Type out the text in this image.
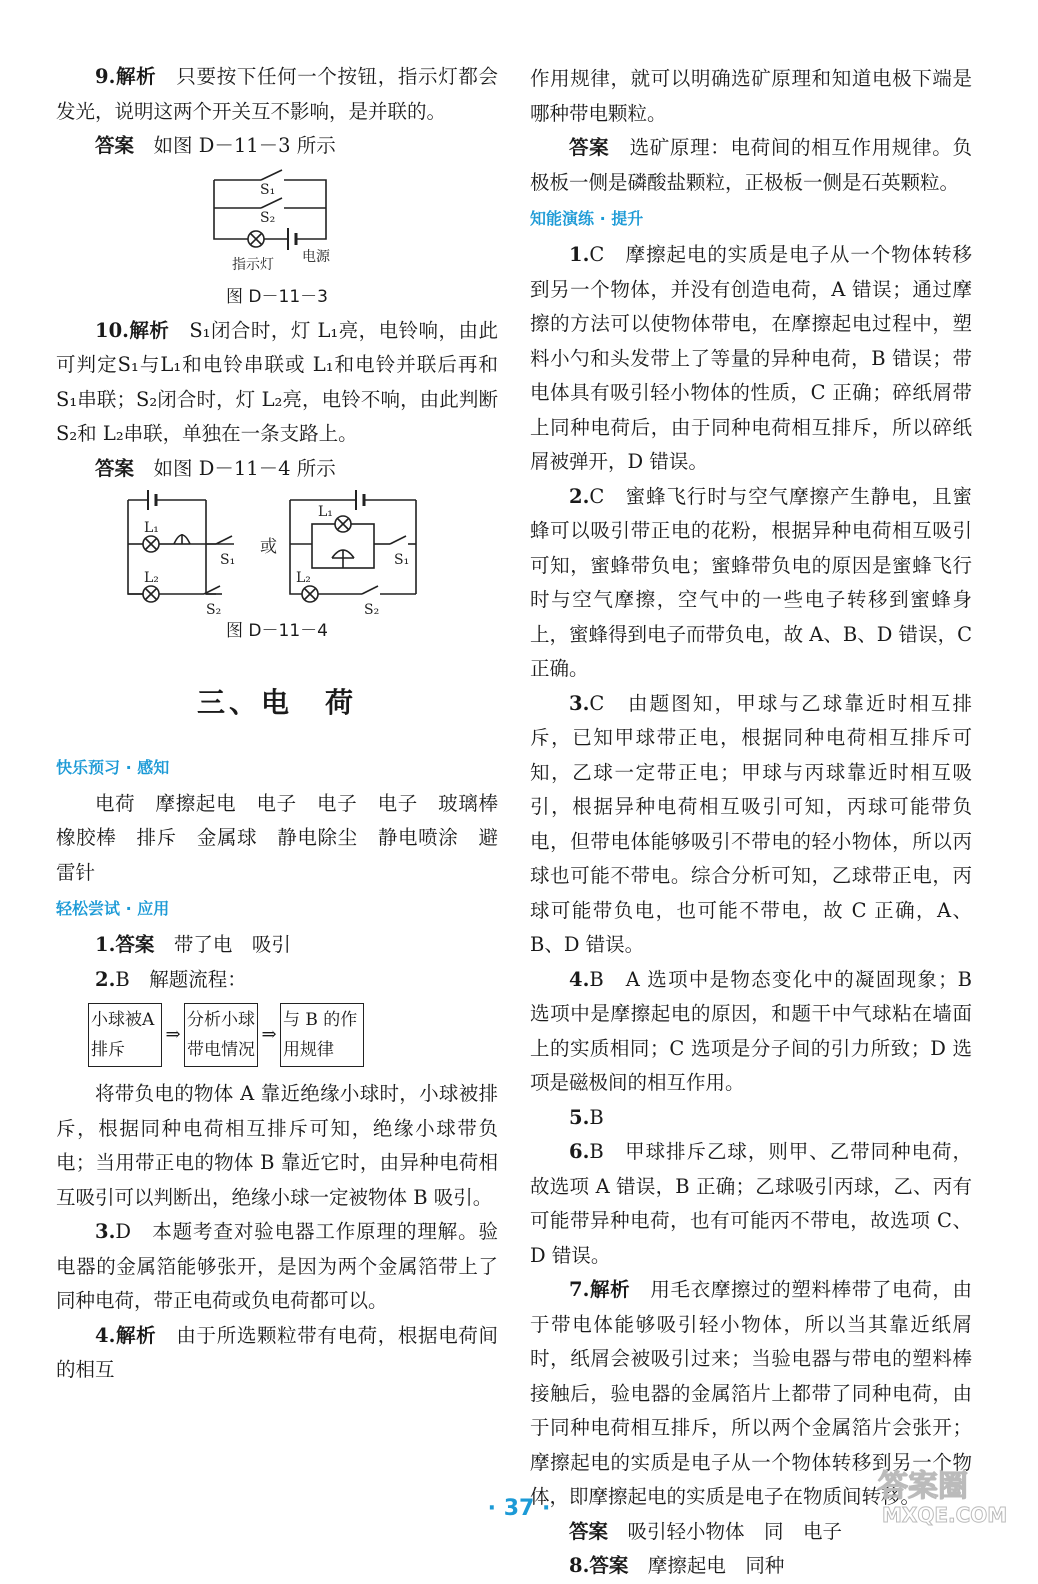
9.解析　 只要按下任何一个按钮，指示灯都会发光，说明这两个开关互不影响，是并联的。

答案　 如图 D－11－3 所示

S₁
S₂
指示灯 电源
图 D－11－3

10.解析　 S₁闭合时，灯 L₁亮，电铃响，由此可判定S₁与L₁和电铃串联或 L₁和电铃并联后再和 S₁串联；S₂闭合时，灯 L₂亮，电铃不响，由此判断 S₂和 L₂串联，单独在一条支路上。

答案　 如图 D－11－4 所示

L₁
L₂
S₁
S₂
或
L₁
L₂
S₁
S₂
图 D－11－4
三、电　荷
快乐预习 · 感知

电荷　摩擦起电　电子　电子　电子　玻璃棒　橡胶棒　排斥　金属球　静电除尘　静电喷涂　避雷针

轻松尝试 · 应用

1.答案　 带了电　吸引

2.B　解题流程：

小球被A 排斥
⇒
分析小球带电情况
⇒
与 B 的作用规律

将带负电的物体 A 靠近绝缘小球时，小球被排斥，根据同种电荷相互排斥可知，绝缘小球带负电；当用带正电的物体 B 靠近它时，由异种电荷相互吸引可以判断出，绝缘小球一定被物体 B 吸引。

3.D　本题考查对验电器工作原理的理解。验电器的金属箔能够张开，是因为两个金属箔带上了同种电荷，带正电荷或负电荷都可以。

4.解析　 由于所选颗粒带有电荷，根据电荷间的相互

作用规律，就可以明确选矿原理和知道电极下端是哪种带电颗粒。

答案　 选矿原理：电荷间的相互作用规律。负极板一侧是磷酸盐颗粒，正极板一侧是石英颗粒。

知能演练 · 提升

1.C　摩擦起电的实质是电子从一个物体转移到另一个物体，并没有创造电荷，A 错误；通过摩擦的方法可以使物体带电，在摩擦起电过程中，塑料小勺和头发带上了等量的异种电荷，B 错误；带电体具有吸引轻小物体的性质，C 正确；碎纸屑带上同种电荷后，由于同种电荷相互排斥，所以碎纸屑被弹开，D 错误。

2.C　蜜蜂飞行时与空气摩擦产生静电，且蜜蜂可以吸引带正电的花粉，根据异种电荷相互吸引可知，蜜蜂带负电；蜜蜂带负电的原因是蜜蜂飞行时与空气摩擦，空气中的一些电子转移到蜜蜂身上，蜜蜂得到电子而带负电，故 A、B、D 错误，C 正确。

3.C　由题图知，甲球与乙球靠近时相互排斥，已知甲球带正电，根据同种电荷相互排斥可知，乙球一定带正电；甲球与丙球靠近时相互吸引，根据异种电荷相互吸引可知，丙球可能带负电，但带电体能够吸引不带电的轻小物体，所以丙球也可能不带电。综合分析可知，乙球带正电，丙球可能带负电，也可能不带电，故 C 正确，A、B、D 错误。

4.B　A 选项中是物态变化中的凝固现象；B 选项中是摩擦起电的原因，和题干中气球粘在墙面上的实质相同；C 选项是分子间的引力所致；D 选项是磁极间的相互作用。

5.B

6.B　甲球排斥乙球，则甲、乙带同种电荷，故选项 A 错误，B 正确；乙球吸引丙球，乙、丙有可能带异种电荷，也有可能丙不带电，故选项 C、D 错误。

7.解析　 用毛衣摩擦过的塑料棒带了电荷，由于带电体能够吸引轻小物体，所以当其靠近纸屑时，纸屑会被吸引过来；当验电器与带电的塑料棒接触后，验电器的金属箔片上都带了同种电荷，由于同种电荷相互排斥，所以两个金属箔片会张开；摩擦起电的实质是电子从一个物体转移到另一个物体，即摩擦起电的实质是电子在物质间转移。

答案　 吸引轻小物体　同　电子

8.答案　 摩擦起电　同种

· 37 ·
答案圈
MXQE.COM
